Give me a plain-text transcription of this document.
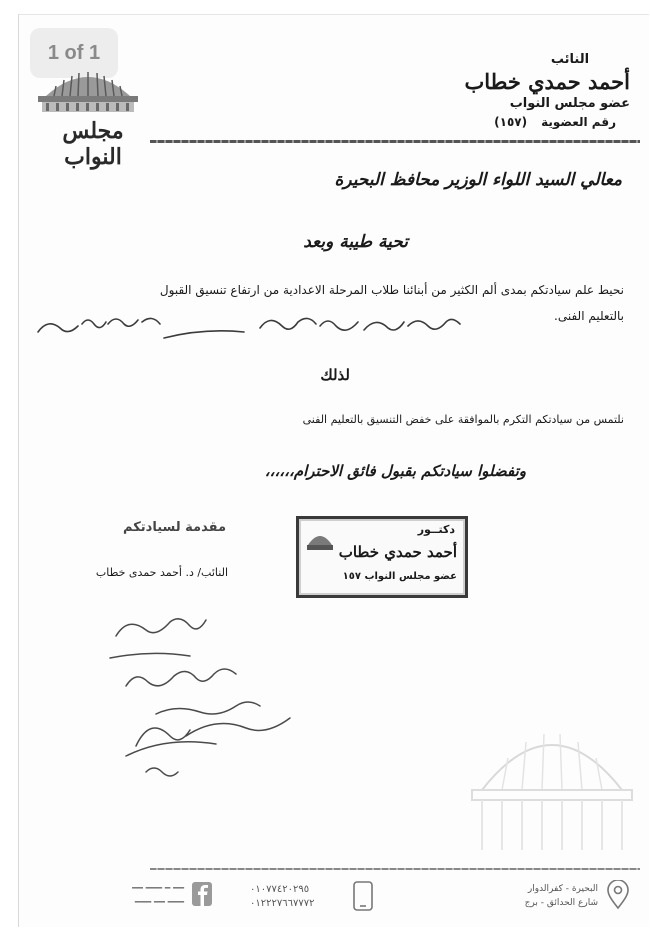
1 of 1
مجلس النواب
النائب
أحمد حمدي خطاب
عضو مجلس النواب
رقم العضوية(١٥٧)
معالي السيد اللواء الوزير محافظ البحيرة
تحية طيبة وبعد
نحيط علم سيادتكم بمدى ألم الكثير من أبنائنا طلاب المرحلة الاعدادية من ارتفاع تنسيق القبول
بالتعليم الفنى.
لذلك
نلتمس من سيادتكم التكرم بالموافقة على خفض التنسيق بالتعليم الفنى
وتفضلوا سيادتكم بقبول فائق الاحترام،،،،،،
مقدمة لسيادتكم
النائب/ د. أحمد حمدى خطاب
دكتــور
أحمد حمدي خطاب
عضو مجلس النواب ١٥٧
البحيرة - كفرالدوار
شارع الحدائق - برج
٠١٠٧٧٤٢٠٢٩٥
٠١٢٢٢٧٦٦٧٧٧٢
━━ ━ ━━━ ━━
━━━ ━━ ━━━
